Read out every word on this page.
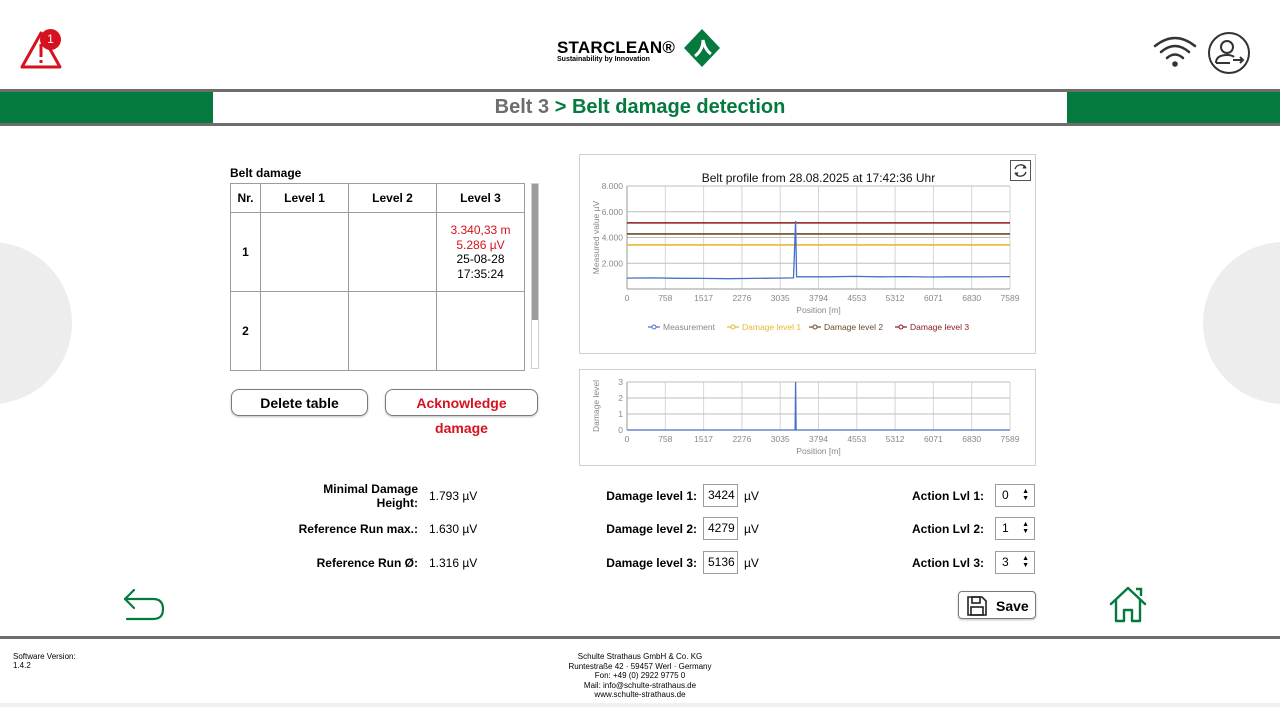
1	STARCLEAN®
Sustainability by Innovation
Belt 3 > Belt damage detection
Belt damage
Nr.	Level 1	Level 2	Level 3
1			3.340,33 m
5.286 µV
25-08-28
17:35:24

2			
Delete table	Acknowledge damage
0	758	1517 2276 3035 3794 4553 5312 6071 6830 7589
2.000
4.000
6.000
8.000
Position [m]
Measured value µV
Belt profile from 28.08.2025 at 17:42:36 Uhr
Measurement	Damage level 1	Damage level 2	Damage level 3
0	758	1517 2276 3035 3794 4553 5312 6071 6830 7589
0
1
2
3
Position [m]
Damage level
Minimal Damage Height: 1.793 µV
Reference Run max.: 1.630 µV
Reference Run Ø: 1.316 µV
Damage level 1: 3424 µV
Damage level 2: 4279 µV
Damage level 3: 5136 µV
Action Lvl 1:	0 ▲
▼
Action Lvl 2:	1 ▲
▼
Action Lvl 3:	3 ▲
▼
Save
Software Version:
1.4.2
Schulte Strathaus GmbH & Co. KG
Runtestraße 42 · 59457 Werl · Germany
Fon: +49 (0) 2922 9775 0
Mail: info@schulte-strathaus.de
www.schulte-strathaus.de
